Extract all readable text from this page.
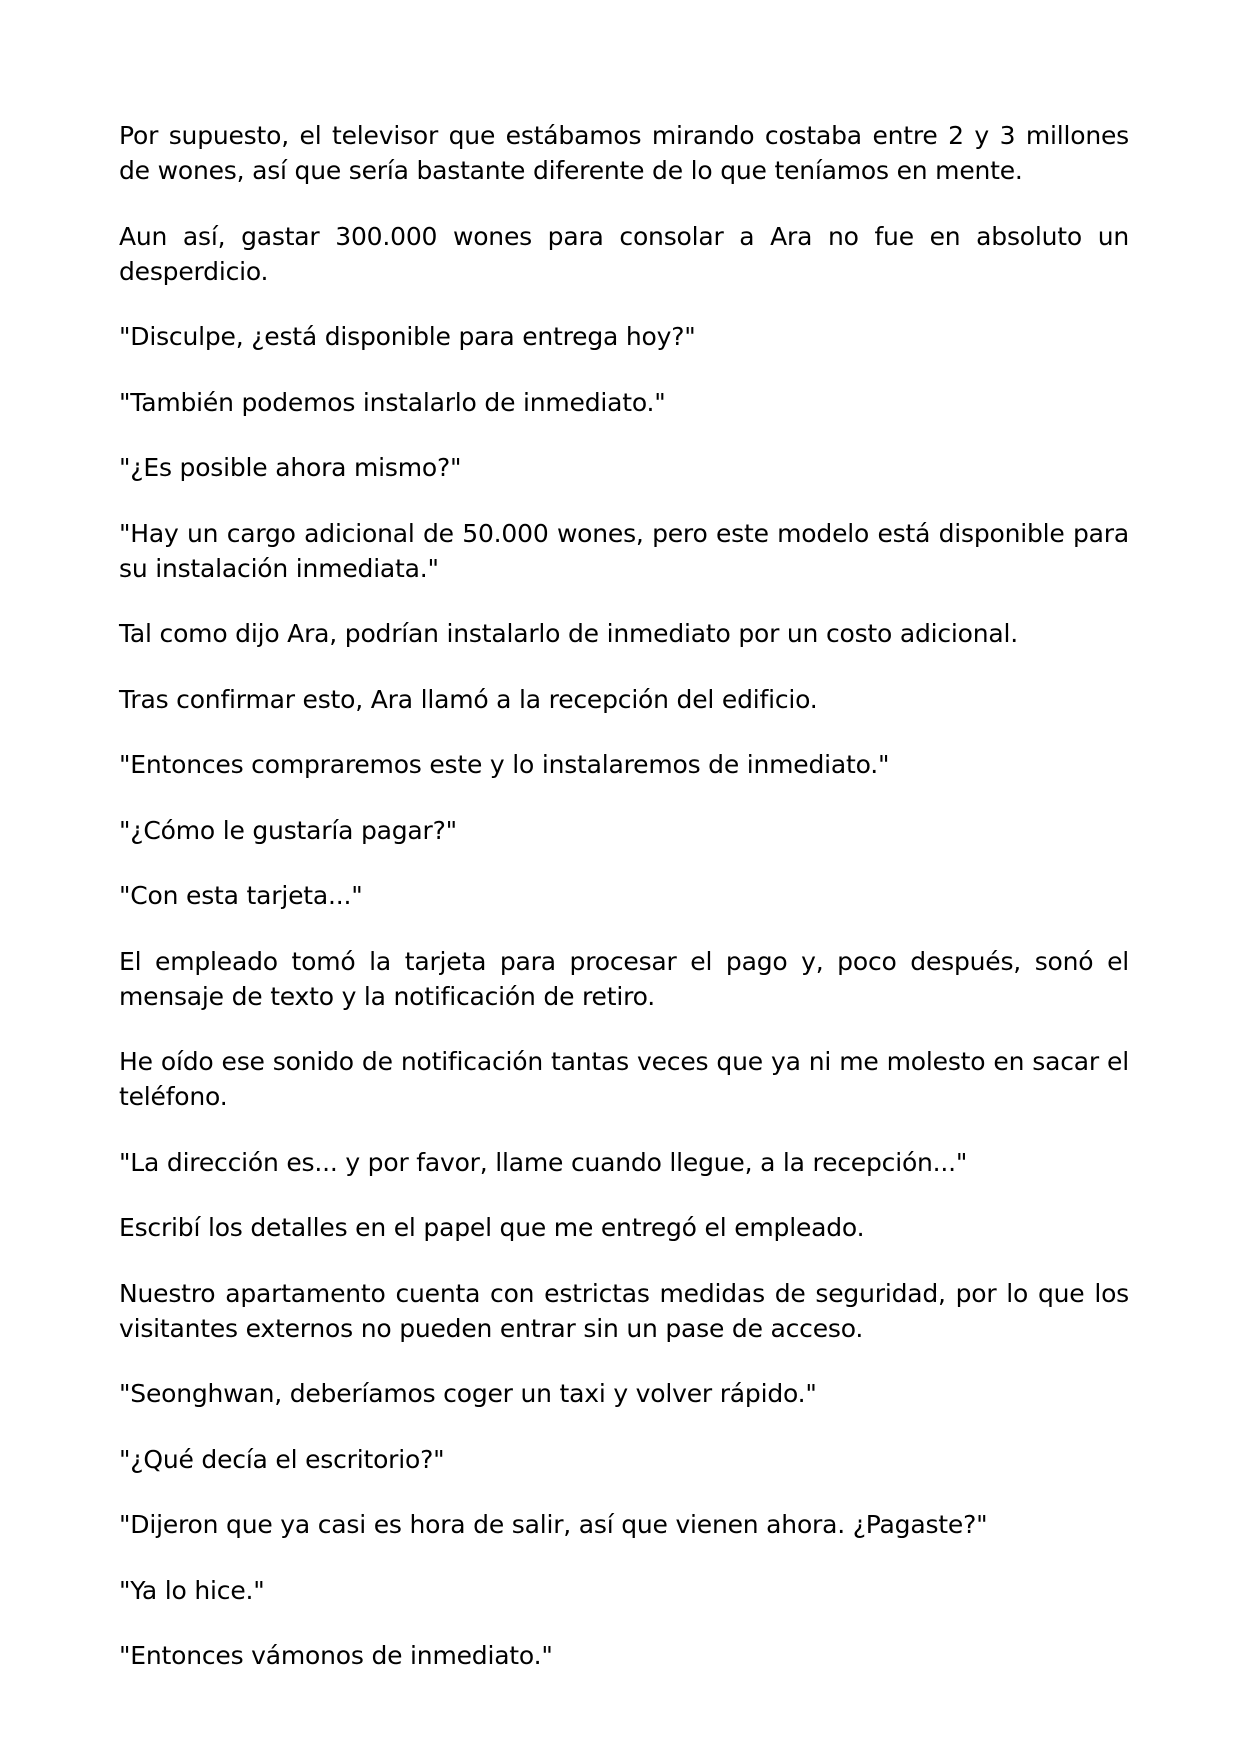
Por supuesto, el televisor que estábamos mirando costaba entre 2 y 3 millones de wones, así que sería bastante diferente de lo que teníamos en mente.

Aun así, gastar 300.000 wones para consolar a Ara no fue en absoluto un desperdicio.

"Disculpe, ¿está disponible para entrega hoy?"

"También podemos instalarlo de inmediato."

"¿Es posible ahora mismo?"

"Hay un cargo adicional de 50.000 wones, pero este modelo está disponible para su instalación inmediata."

Tal como dijo Ara, podrían instalarlo de inmediato por un costo adicional.

Tras confirmar esto, Ara llamó a la recepción del edificio.

"Entonces compraremos este y lo instalaremos de inmediato."

"¿Cómo le gustaría pagar?"

"Con esta tarjeta..."

El empleado tomó la tarjeta para procesar el pago y, poco después, sonó el mensaje de texto y la notificación de retiro.

He oído ese sonido de notificación tantas veces que ya ni me molesto en sacar el teléfono.

"La dirección es... y por favor, llame cuando llegue, a la recepción..."

Escribí los detalles en el papel que me entregó el empleado.

Nuestro apartamento cuenta con estrictas medidas de seguridad, por lo que los visitantes externos no pueden entrar sin un pase de acceso.

"Seonghwan, deberíamos coger un taxi y volver rápido."

"¿Qué decía el escritorio?"

"Dijeron que ya casi es hora de salir, así que vienen ahora. ¿Pagaste?"

"Ya lo hice."

"Entonces vámonos de inmediato."
